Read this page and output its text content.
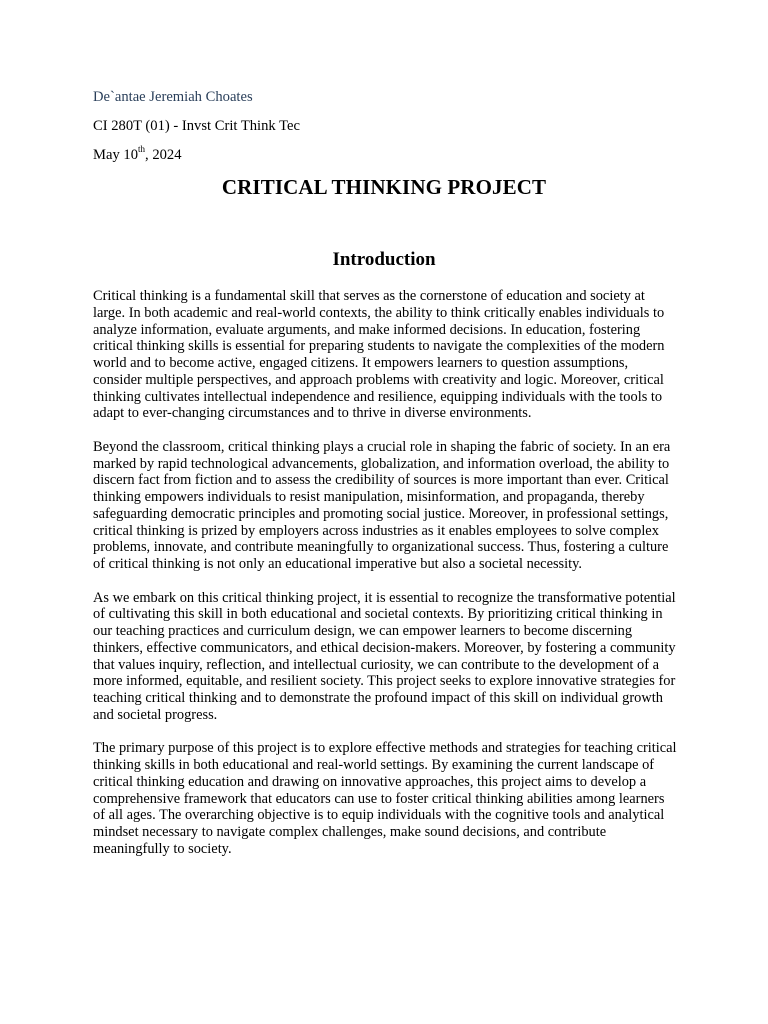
De`antae Jeremiah Choates
CI 280T (01) - Invst Crit Think Tec
May 10th, 2024
CRITICAL THINKING PROJECT
Introduction

Critical thinking is a fundamental skill that serves as the cornerstone of education and society at large. In both academic and real-world contexts, the ability to think critically enables individuals to analyze information, evaluate arguments, and make informed decisions. In education, fostering critical thinking skills is essential for preparing students to navigate the complexities of the modern world and to become active, engaged citizens. It empowers learners to question assumptions, consider multiple perspectives, and approach problems with creativity and logic. Moreover, critical thinking cultivates intellectual independence and resilience, equipping individuals with the tools to adapt to ever-changing circumstances and to thrive in diverse environments.

Beyond the classroom, critical thinking plays a crucial role in shaping the fabric of society. In an era marked by rapid technological advancements, globalization, and information overload, the ability to discern fact from fiction and to assess the credibility of sources is more important than ever. Critical thinking empowers individuals to resist manipulation, misinformation, and propaganda, thereby safeguarding democratic principles and promoting social justice. Moreover, in professional settings, critical thinking is prized by employers across industries as it enables employees to solve complex problems, innovate, and contribute meaningfully to organizational success. Thus, fostering a culture of critical thinking is not only an educational imperative but also a societal necessity.

As we embark on this critical thinking project, it is essential to recognize the transformative potential of cultivating this skill in both educational and societal contexts. By prioritizing critical thinking in our teaching practices and curriculum design, we can empower learners to become discerning thinkers, effective communicators, and ethical decision-makers. Moreover, by fostering a community that values inquiry, reflection, and intellectual curiosity, we can contribute to the development of a more informed, equitable, and resilient society. This project seeks to explore innovative strategies for teaching critical thinking and to demonstrate the profound impact of this skill on individual growth and societal progress.

The primary purpose of this project is to explore effective methods and strategies for teaching critical thinking skills in both educational and real-world settings. By examining the current landscape of critical thinking education and drawing on innovative approaches, this project aims to develop a comprehensive framework that educators can use to foster critical thinking abilities among learners of all ages. The overarching objective is to equip individuals with the cognitive tools and analytical mindset necessary to navigate complex challenges, make sound decisions, and contribute meaningfully to society.
